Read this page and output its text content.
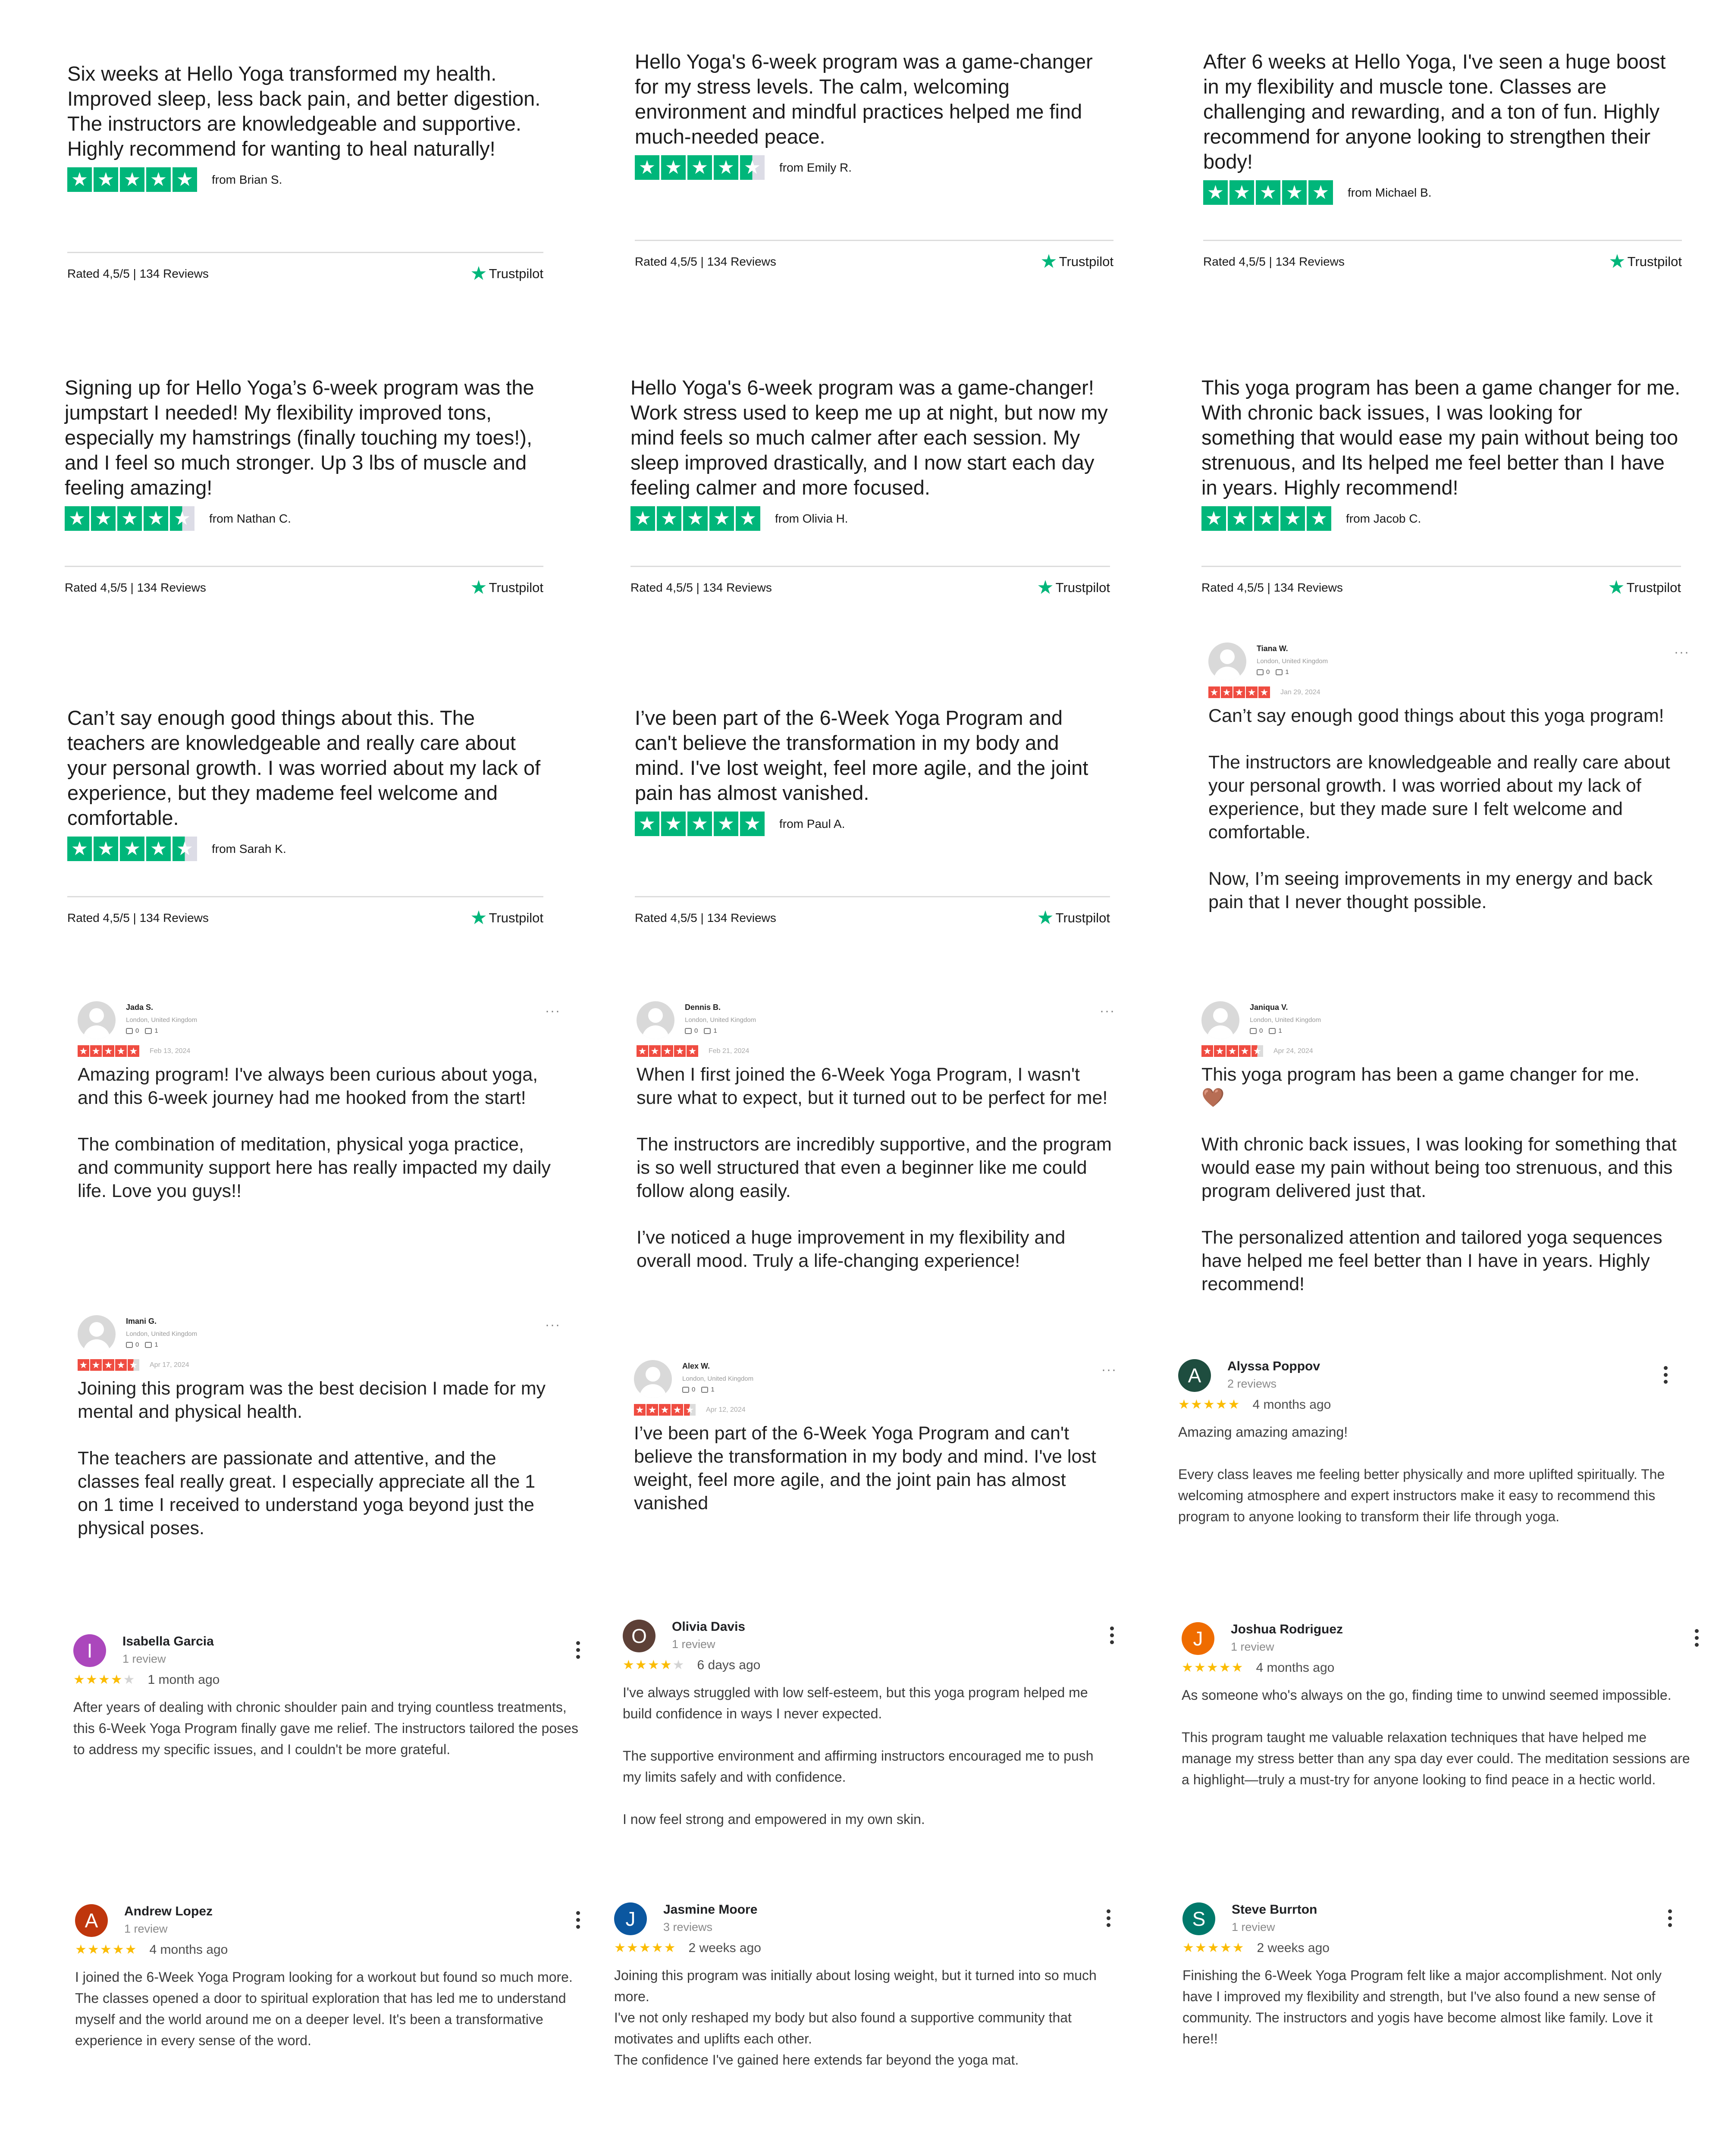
Six weeks at Hello Yoga transformed my health. Improved sleep, less back pain, and better digestion. The instructors are knowledgeable and supportive. Highly recommend for wanting to heal naturally!
★ ★ ★ ★ ★	from Brian S.
Rated 4,5/5 | 134 Reviews	★ Trustpilot
Hello Yoga's 6-week program was a game-changer for my stress levels. The calm, welcoming environment and mindful practices helped me find much-needed peace.
★ ★ ★ ★ ★	from Emily R.
Rated 4,5/5 | 134 Reviews	★ Trustpilot
After 6 weeks at Hello Yoga, I've seen a huge boost in my flexibility and muscle tone. Classes are challenging and rewarding, and a ton of fun. Highly recommend for anyone looking to strengthen their body!
★ ★ ★ ★ ★	from Michael B.
Rated 4,5/5 | 134 Reviews	★ Trustpilot
Signing up for Hello Yoga’s 6-week program was the jumpstart I needed! My flexibility improved tons, especially my hamstrings (finally touching my toes!), and I feel so much stronger. Up 3 lbs of muscle and feeling amazing!
★ ★ ★ ★ ★	from Nathan C.
Rated 4,5/5 | 134 Reviews	★ Trustpilot
Hello Yoga's 6-week program was a game-changer! Work stress used to keep me up at night, but now my mind feels so much calmer after each session. My sleep improved drastically, and I now start each day feeling calmer and more focused.
★ ★ ★ ★ ★	from Olivia H.
Rated 4,5/5 | 134 Reviews	★ Trustpilot
This yoga program has been a game changer for me. With chronic back issues, I was looking for something that would ease my pain without being too strenuous, and Its helped me feel better than I have in years. Highly recommend!
★ ★ ★ ★ ★	from Jacob C.
Rated 4,5/5 | 134 Reviews	★ Trustpilot
Can’t say enough good things about this. The teachers are knowledgeable and really care about your personal growth. I was worried about my lack of experience, but they mademe feel welcome and comfortable.
★ ★ ★ ★ ★	from Sarah K.
Rated 4,5/5 | 134 Reviews	★ Trustpilot
I’ve been part of the 6-Week Yoga Program and can't believe the transformation in my body and mind. I've lost weight, feel more agile, and the joint pain has almost vanished.
★ ★ ★ ★ ★	from Paul A.
Rated 4,5/5 | 134 Reviews	★ Trustpilot
Tiana W.
London, United Kingdom
0	1
···
★ ★ ★ ★ ★ Jan 29, 2024
Can’t say enough good things about this yoga program!

The instructors are knowledgeable and really care about your personal growth. I was worried about my lack of experience, but they made sure I felt welcome and comfortable.

Now, I’m seeing improvements in my energy and back pain that I never thought possible.
Jada S.
London, United Kingdom
0	1
···
★ ★ ★ ★ ★ Feb 13, 2024
Amazing program! I've always been curious about yoga, and this 6-week journey had me hooked from the start!

The combination of meditation, physical yoga practice, and community support here has really impacted my daily life. Love you guys!!
Dennis B.
London, United Kingdom
0	1
···
★ ★ ★ ★ ★ Feb 21, 2024
When I first joined the 6-Week Yoga Program, I wasn't sure what to expect, but it turned out to be perfect for me!

The instructors are incredibly supportive, and the program is so well structured that even a beginner like me could follow along easily.

I’ve noticed a huge improvement in my flexibility and overall mood. Truly a life-changing experience!
Janiqua V.
London, United Kingdom
0	1
★ ★ ★ ★ ★ Apr 24, 2024
This yoga program has been a game changer for me.
🤎

With chronic back issues, I was looking for something that would ease my pain without being too strenuous, and this program delivered just that.

The personalized attention and tailored yoga sequences have helped me feel better than I have in years. Highly recommend!
Imani G.
London, United Kingdom
0	1
···
★ ★ ★ ★ ★ Apr 17, 2024
Joining this program was the best decision I made for my mental and physical health.

The teachers are passionate and attentive, and the classes feal really great. I especially appreciate all the 1 on 1 time I received to understand yoga beyond just the physical poses.
Alex W.
London, United Kingdom
0	1
···
★ ★ ★ ★ ★ Apr 12, 2024
I’ve been part of the 6-Week Yoga Program and can't believe the transformation in my body and mind. I've lost weight, feel more agile, and the joint pain has almost vanished
A	Alyssa Poppov
2 reviews
★ ★ ★ ★ ★ 4 months ago
Amazing amazing amazing!

Every class leaves me feeling better physically and more uplifted spiritually. The welcoming atmosphere and expert instructors make it easy to recommend this program to anyone looking to transform their life through yoga.
I	Isabella Garcia
1 review
★ ★ ★ ★ ★ 1 month ago
After years of dealing with chronic shoulder pain and trying countless treatments, this 6-Week Yoga Program finally gave me relief. The instructors tailored the poses to address my specific issues, and I couldn't be more grateful.
O	Olivia Davis
1 review
★ ★ ★ ★ ★ 6 days ago
I've always struggled with low self-esteem, but this yoga program helped me build confidence in ways I never expected.

The supportive environment and affirming instructors encouraged me to push my limits safely and with confidence.

I now feel strong and empowered in my own skin.
J	Joshua Rodriguez
1 review
★ ★ ★ ★ ★ 4 months ago
As someone who's always on the go, finding time to unwind seemed impossible.

This program taught me valuable relaxation techniques that have helped me manage my stress better than any spa day ever could. The meditation sessions are a highlight—truly a must-try for anyone looking to find peace in a hectic world.
A	Andrew Lopez
1 review
★ ★ ★ ★ ★ 4 months ago
I joined the 6-Week Yoga Program looking for a workout but found so much more. The classes opened a door to spiritual exploration that has led me to understand myself and the world around me on a deeper level. It's been a transformative experience in every sense of the word.
J	Jasmine Moore
3 reviews
★ ★ ★ ★ ★ 2 weeks ago
Joining this program was initially about losing weight, but it turned into so much more.
I've not only reshaped my body but also found a supportive community that motivates and uplifts each other.
The confidence I've gained here extends far beyond the yoga mat.
S	Steve Burrton
1 review
★ ★ ★ ★ ★ 2 weeks ago
Finishing the 6-Week Yoga Program felt like a major accomplishment. Not only have I improved my flexibility and strength, but I've also found a new sense of community. The instructors and yogis have become almost like family. Love it here!!
